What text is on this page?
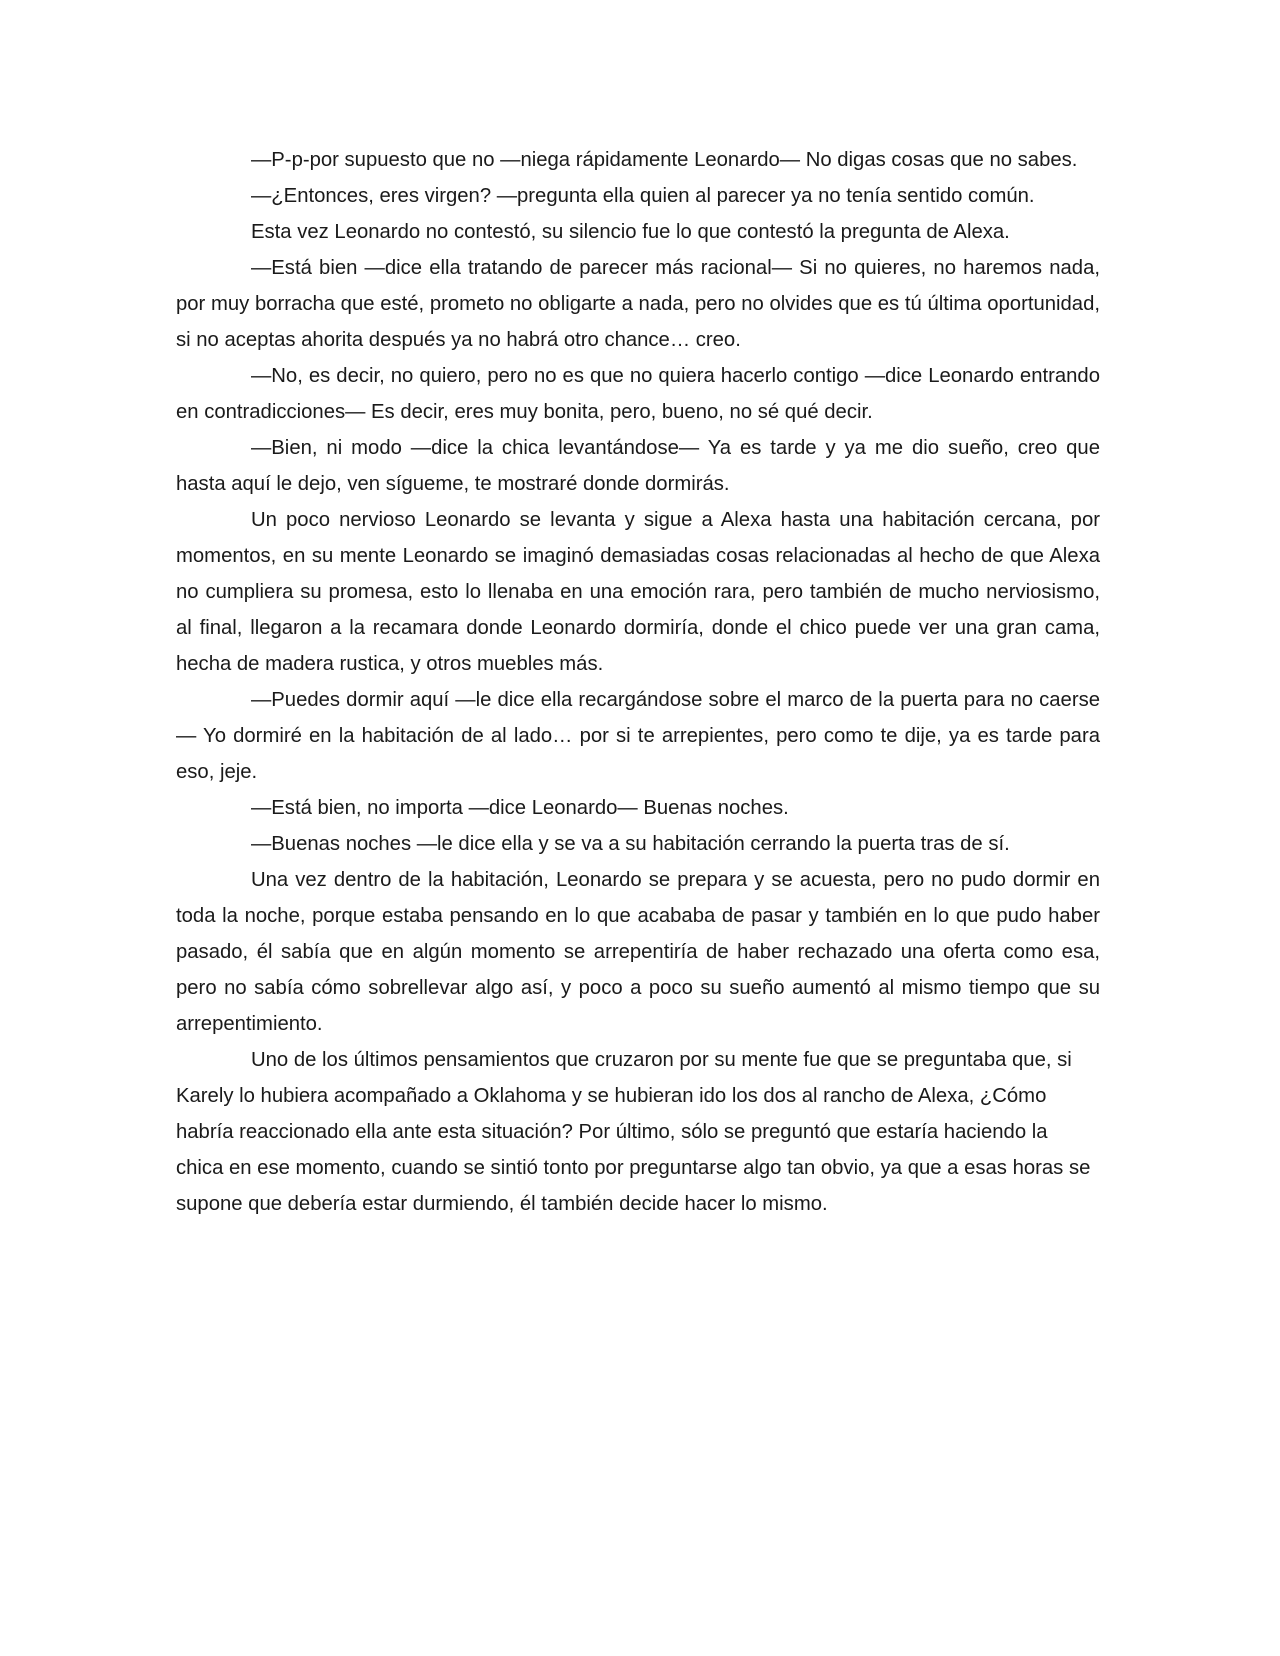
—P-p-por supuesto que no —niega rápidamente Leonardo— No digas cosas que no sabes.

—¿Entonces, eres virgen? —pregunta ella quien al parecer ya no tenía sentido común.

Esta vez Leonardo no contestó, su silencio fue lo que contestó la pregunta de Alexa.

—Está bien —dice ella tratando de parecer más racional— Si no quieres, no haremos nada, por muy borracha que esté, prometo no obligarte a nada, pero no olvides que es tú última oportunidad, si no aceptas ahorita después ya no habrá otro chance… creo.

—No, es decir, no quiero, pero no es que no quiera hacerlo contigo —dice Leonardo entrando en contradicciones— Es decir, eres muy bonita, pero, bueno, no sé qué decir.

—Bien, ni modo —dice la chica levantándose— Ya es tarde y ya me dio sueño, creo que hasta aquí le dejo, ven sígueme, te mostraré donde dormirás.

Un poco nervioso Leonardo se levanta y sigue a Alexa hasta una habitación cercana, por momentos, en su mente Leonardo se imaginó demasiadas cosas relacionadas al hecho de que Alexa no cumpliera su promesa, esto lo llenaba en una emoción rara, pero también de mucho nerviosismo, al final, llegaron a la recamara donde Leonardo dormiría, donde el chico puede ver una gran cama, hecha de madera rustica, y otros muebles más.

—Puedes dormir aquí —le dice ella recargándose sobre el marco de la puerta para no caerse— Yo dormiré en la habitación de al lado… por si te arrepientes, pero como te dije, ya es tarde para eso, jeje.

—Está bien, no importa —dice Leonardo— Buenas noches.

—Buenas noches —le dice ella y se va a su habitación cerrando la puerta tras de sí.

Una vez dentro de la habitación, Leonardo se prepara y se acuesta, pero no pudo dormir en toda la noche, porque estaba pensando en lo que acababa de pasar y también en lo que pudo haber pasado, él sabía que en algún momento se arrepentiría de haber rechazado una oferta como esa, pero no sabía cómo sobrellevar algo así, y poco a poco su sueño aumentó al mismo tiempo que su arrepentimiento.

Uno de los últimos pensamientos que cruzaron por su mente fue que se preguntaba que, si Karely lo hubiera acompañado a Oklahoma y se hubieran ido los dos al rancho de Alexa, ¿Cómo habría reaccionado ella ante esta situación? Por último, sólo se preguntó que estaría haciendo la chica en ese momento, cuando se sintió tonto por preguntarse algo tan obvio, ya que a esas horas se supone que debería estar durmiendo, él también decide hacer lo mismo.
